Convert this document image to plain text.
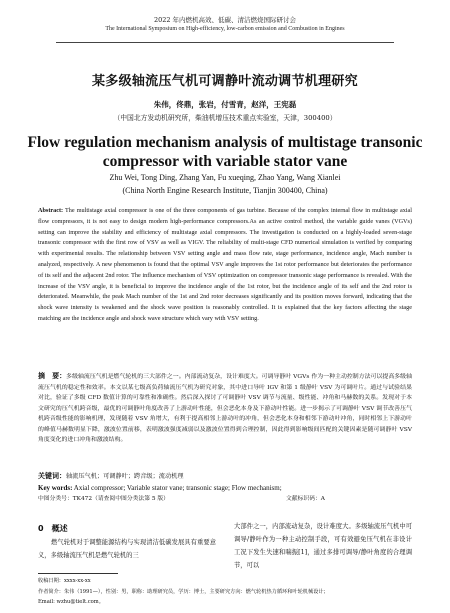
2022 年内燃机高效、低碳、清洁燃烧国际研讨会
The International Symposium on High-efficiency, low-carbon emission and Combustion in Engines
某多级轴流压气机可调静叶流动调节机理研究
朱伟，佟鼎，张岩，付雪青，赵洋，王宪磊
（中国北方发动机研究所，柴油机增压技术重点实验室，天津，300400）
Flow regulation mechanism analysis of multistage transonic
compressor with variable stator vane
Zhu Wei, Tong Ding, Zhang Yan, Fu xueqing, Zhao Yang, Wang Xianlei
(China North Engine Research Institute, Tianjin 300400, China)
Abstract: The multistage axial compressor is one of the three components of gas turbine. Because of the complex internal flow in multistage axial flow compressors, it is not easy to design modern high-performance compressors.As an active control method, the variable guide vanes (VGVs) setting can improve the stability and efficiency of multistage axial compressors. The investigation is conducted on a highly-loaded seven-stage transonic compressor with the first row of VSV as well as VIGV. The reliability of multi-stage CFD numerical simulation is verified by comparing with experimental results. The relationship between VSV setting angle and mass flow rate, stage performance, incidence angle, Mach number is analyzed, respectively. A new phenomenon is found that the optimal VSV angle improves the 1st rotor performance but deteriorates the performance of its self and the adjacent 2nd rotor. The influence mechanism of VSV optimization on compressor transonic stage performance is revealed. With the increase of the VSV angle, it is beneficial to improve the incidence angle of the 1st rotor, but the incidence angle of its self and the 2nd rotor is deteriorated. Meanwhile, the peak Mach number of the 1st and 2nd rotor decreases significantly and its position moves forward, indicating that the shock wave intensity is weakened and the shock wave position is reasonably controlled. It is explained that the key factors affecting the stage matching are the incidence angle and shock wave structure which vary with VSV setting.
摘　要：多级轴流压气机是燃气轮机的三大部件之一。内部流动复杂，设计难度大。可调导静叶 VGVs 作为一种主动控制方法可以提高多级轴流压气机的稳定性和效率。本文以某七级高负荷轴流压气机为研究对象，其中进口导叶 IGV 和第 1 级静叶 VSV 为可调叶片。通过与试验结果对比，验证了多级 CFD 数值计算的可靠性和准确性。然后深入探讨了可调静叶 VSV 调节与流量、级性能、冲角和马赫数的关系。发现对于本文研究的压气机跨音级，最优的可调静叶角度改善了上游动叶性能，但会恶化本身及下游动叶性能。进一步揭示了可调静叶 VSV 调节改善压气机跨音级性能的影响机理，发现随着 VSV 角增大，有利于提高相邻上游动叶的冲角，但会恶化本身和相邻下游动叶冲角，同时相邻上下游动叶的峰值马赫数明显下降，激波位置前移，表明激波强度减弱以及激波位置得到合理控制，因此得到影响级间匹配的关键因素是随可调静叶 VSV 角度变化的进口冲角和激波结构。
关键词：轴流压气机；可调静叶；跨音级；流动机理
Key words: Axial compressor; Variable stator vane; transonic stage; Flow mechanism;
中图分类号：TK472（请查阅中图分类法第 5 版）	文献标识码：A
0　概述
燃气轮机对于调整能源结构与实现清洁低碳发展具有重要意义，多级轴流压气机是燃气轮机的三
大部件之一，内部流动复杂，设计难度大。多级轴流压气机中可调导/静叶作为一种主动控制手段，可有效避免压气机在非设计工况下发生失速和喘振[1]，通过多排可调导/静叶角度的合理调节，可以
收稿日期：xxxx-xx-xx
作者简介：朱伟（1991—），性别：男，职称：助理研究员，学历：博士，主要研究方向：燃气轮机热力循环和叶轮机械设计；
Email: wzhu@tielt.com。
